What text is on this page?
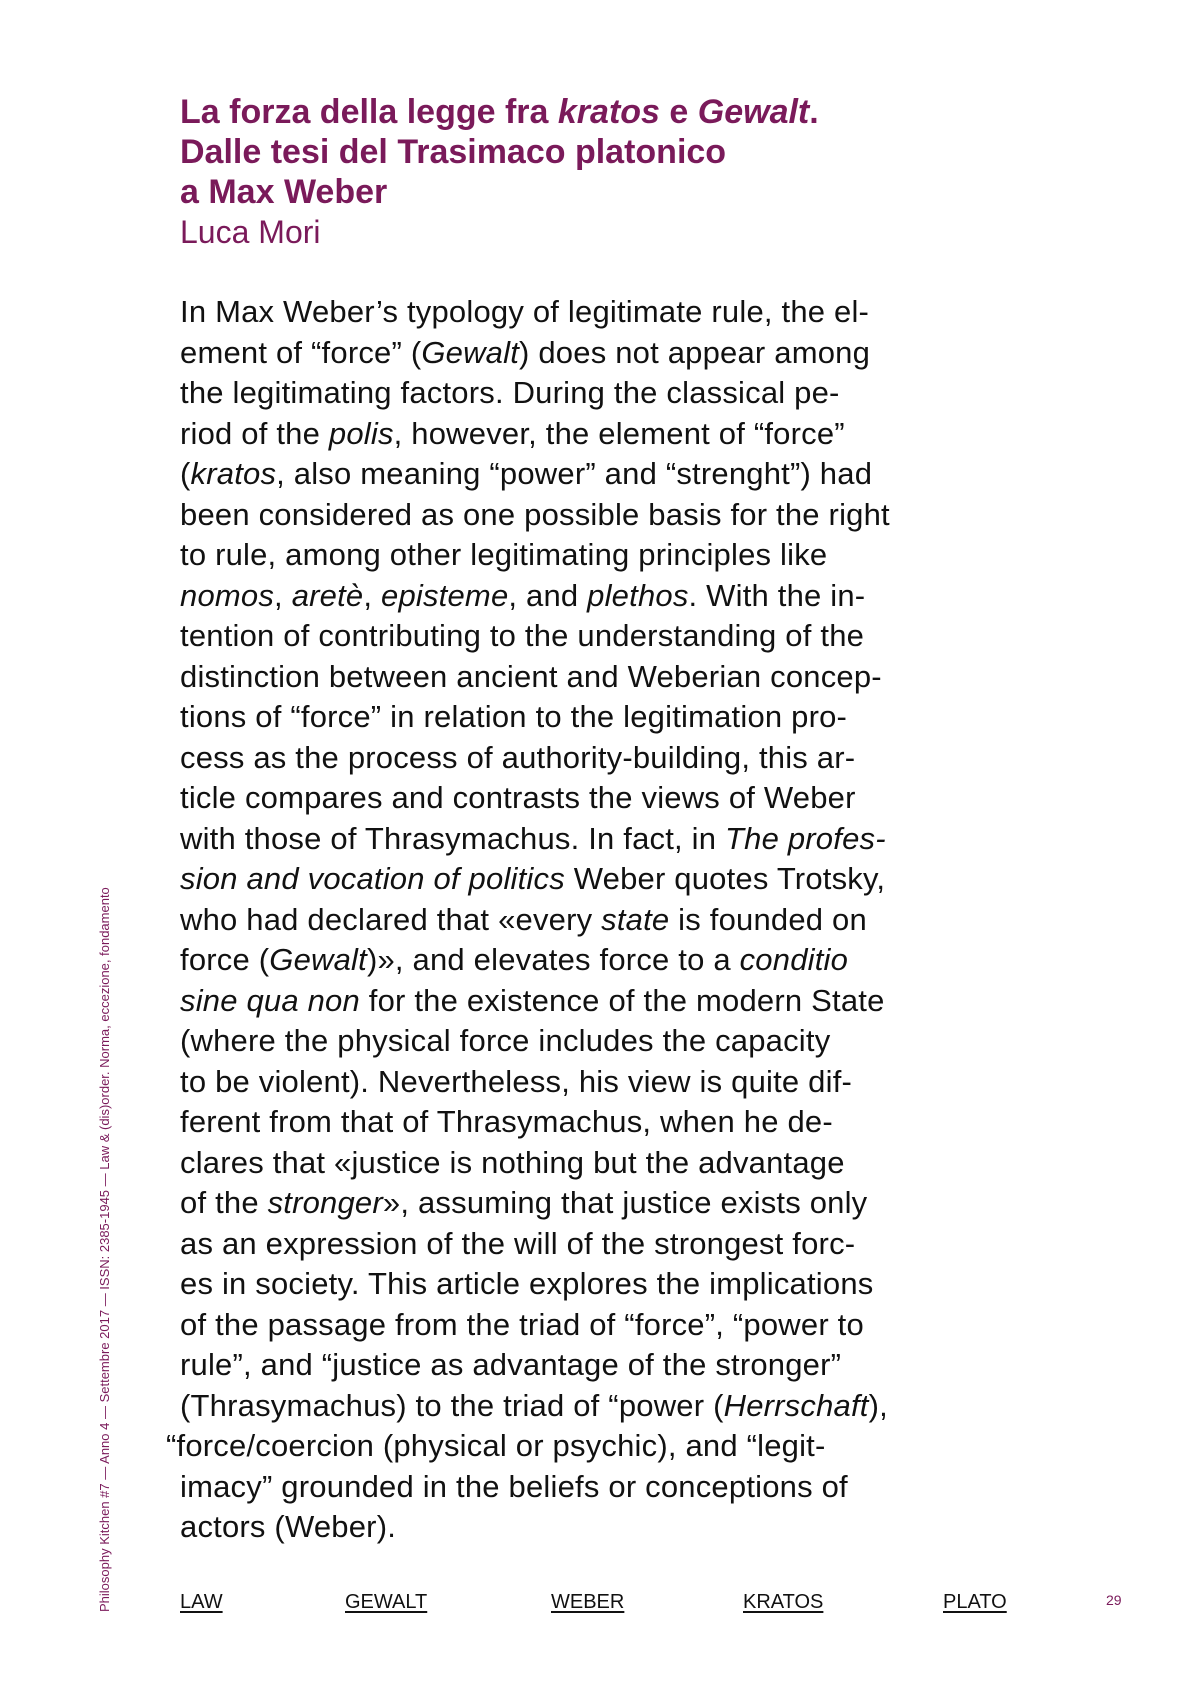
La forza della legge fra kratos e Gewalt.
Dalle tesi del Trasimaco platonico
a Max Weber
Luca Mori
In Max Weber’s typology of legitimate rule, the el-
ement of “force” (Gewalt) does not appear among
the legitimating factors. During the classical pe-
riod of the polis, however, the element of “force”
(kratos, also meaning “power” and “strenght”) had
been considered as one possible basis for the right
to rule, among other legitimating principles like
nomos, aretè, episteme, and plethos. With the in-
tention of contributing to the understanding of the
distinction between ancient and Weberian concep-
tions of “force” in relation to the legitimation pro-
cess as the process of authority-building, this ar-
ticle compares and contrasts the views of Weber
with those of Thrasymachus. In fact, in The profes-
sion and vocation of politics Weber quotes Trotsky,
who had declared that «every state is founded on
force (Gewalt)», and elevates force to a conditio
sine qua non for the existence of the modern State
(where the physical force includes the capacity
to be violent). Nevertheless, his view is quite dif-
ferent from that of Thrasymachus, when he de-
clares that «justice is nothing but the advantage
of the stronger», assuming that justice exists only
as an expression of the will of the strongest forc-
es in society. This article explores the implications
of the passage from the triad of “force”, “power to
rule”, and “justice as advantage of the stronger”
(Thrasymachus) to the triad of “power (Herrschaft),
“force/coercion (physical or psychic), and “legit-
imacy” grounded in the beliefs or conceptions of
actors (Weber).
LAW	GEWALT	WEBER	KRATOS	PLATO	29
Philosophy Kitchen #7 — Anno 4 — Settembre 2017 — ISSN: 2385-1945 — Law & (dis)order. Norma, eccezione, fondamento
